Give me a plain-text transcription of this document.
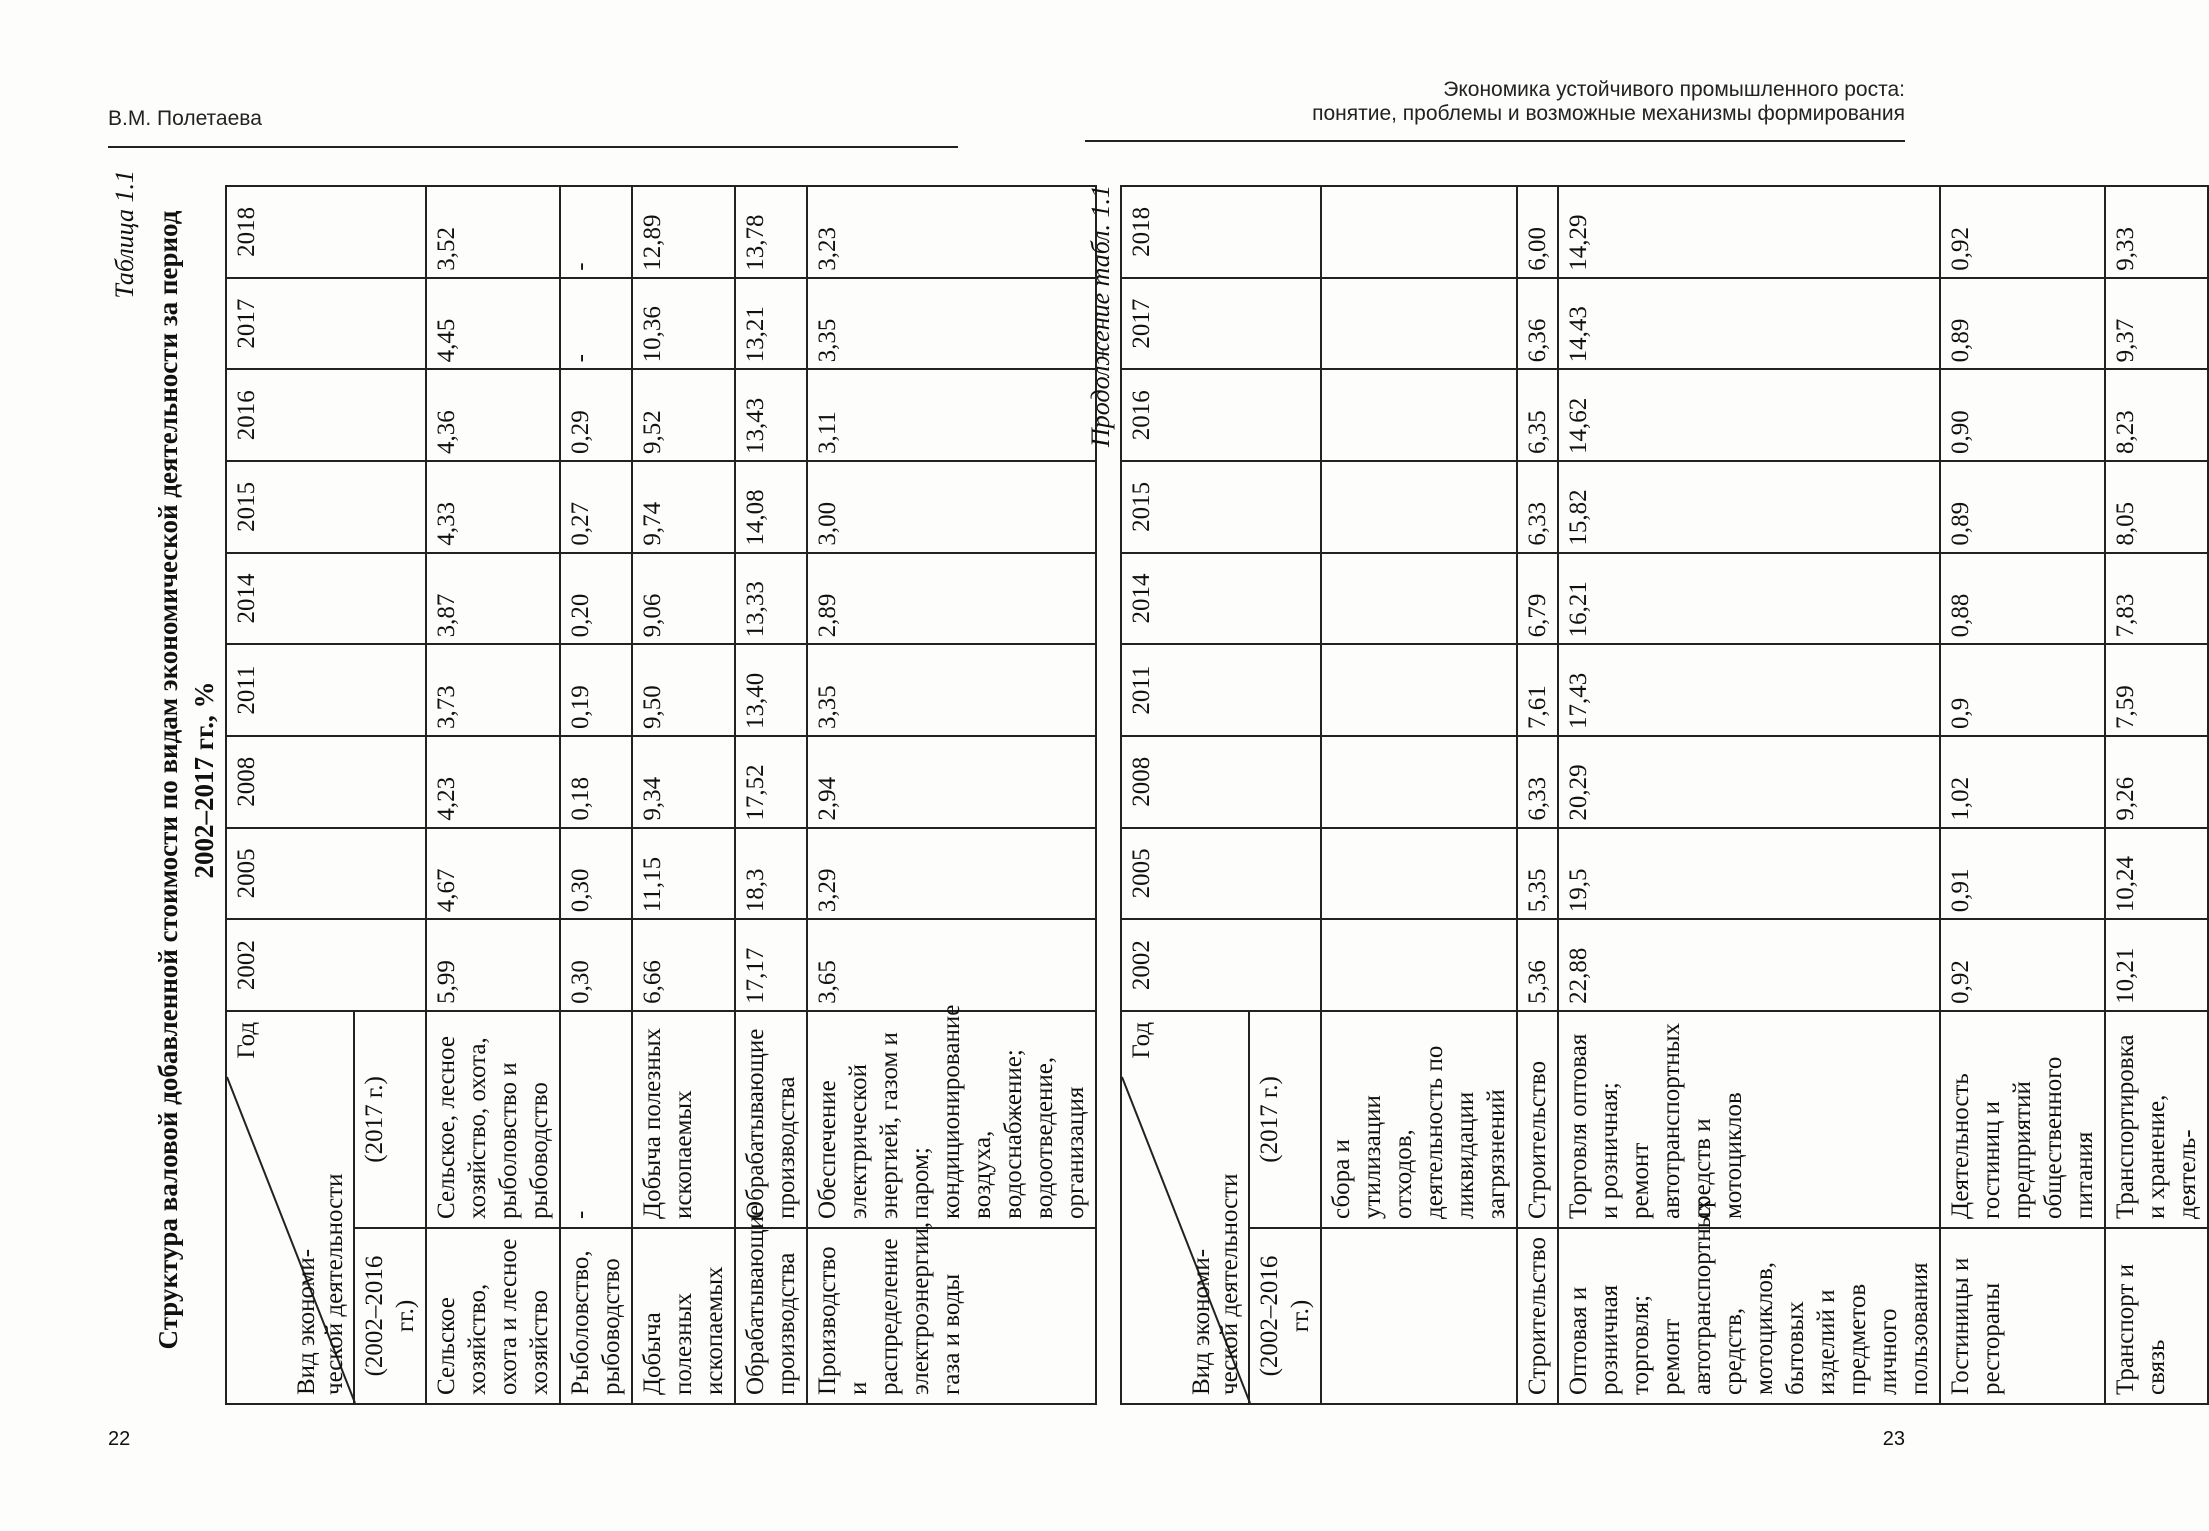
В.М. Полетаева
22
Таблица 1.1 Структура валовой добавленной стоимости по видам экономической деятельности за период 2002–2017 гг., %
Год
Вид экономи-
ческой деятельности		2002	2005	2008	2011	2014	2015	2016	2017	2018
(2002–2016 гг.)	(2017 г.)									
Сельское хозяйство, охота и лесное хозяйство	Сельское, лесное хозяйство, охота, рыболовство и рыбоводство	5,99	4,67	4,23	3,73	3,87	4,33	4,36	4,45	3,52
Рыболовство, рыбоводство	-	0,30	0,30	0,18	0,19	0,20	0,27	0,29	-	-
Добыча полезных ископаемых	Добыча полезных ископаемых	6,66	11,15	9,34	9,50	9,06	9,74	9,52	10,36	12,89
Обрабатывающие производства	Обрабатывающие производства	17,17	18,3	17,52	13,40	13,33	14,08	13,43	13,21	13,78
Производство и распределение электроэнергии, газа и воды	Обеспечение электрической энергией, газом и паром; кондиционирование воздуха, водоснабжение; водоотведение, организация	3,65	3,29	2,94	3,35	2,89	3,00	3,11	3,35	3,23
Экономика устойчивого промышленного роста:
понятие, проблемы и возможные механизмы формирования
23
Продолжение табл. 1.1
Год
Вид экономи-
ческой деятельности		2002	2005	2008	2011	2014	2015	2016	2017	2018
(2002–2016 гг.)	(2017 г.)									
	сбора и утилизации отходов, деятельность по ликвидации загрязнений									
Строительство	Строительство	5,36	5,35	6,33	7,61	6,79	6,33	6,35	6,36	6,00
Оптовая и розничная торговля; ремонт автотранспортных средств, мотоциклов, бытовых изделий и предметов личного пользования	Торговля оптовая и розничная; ремонт автотранспортных средств и мотоциклов	22,88	19,5	20,29	17,43	16,21	15,82	14,62	14,43	14,29
Гостиницы и рестораны	Деятельность гостиниц и предприятий общественного питания	0,92	0,91	1,02	0,9	0,88	0,89	0,90	0,89	0,92
Транспорт и связь	Транспортировка и хранение, деятель-	10,21	10,24	9,26	7,59	7,83	8,05	8,23	9,37	9,33
